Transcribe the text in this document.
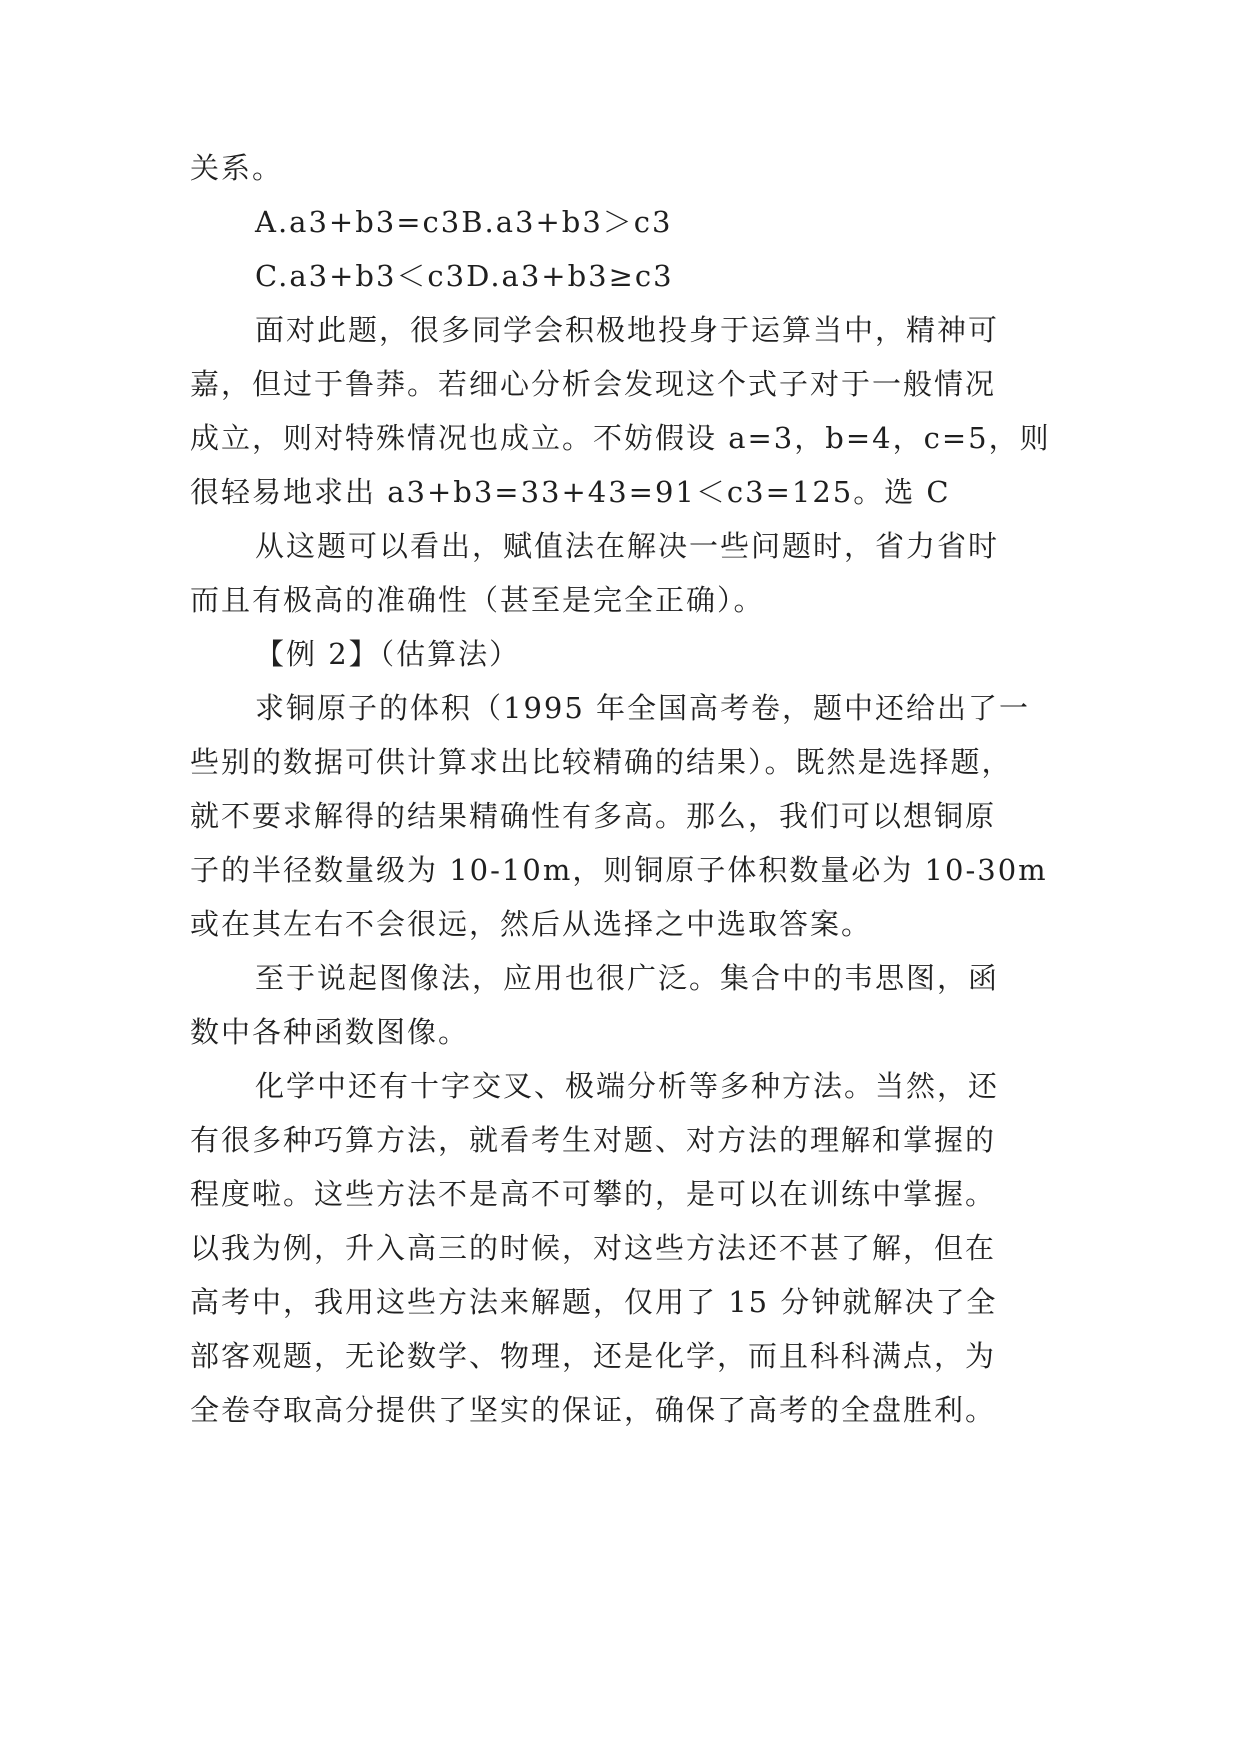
关系。

A.a3+b3=c3B.a3+b3＞c3

C.a3+b3＜c3D.a3+b3≥c3

面对此题，很多同学会积极地投身于运算当中，精神可

嘉，但过于鲁莽。若细心分析会发现这个式子对于一般情况

成立，则对特殊情况也成立。不妨假设 a=3，b=4，c=5，则

很轻易地求出 a3+b3=33+43=91＜c3=125。选 C

从这题可以看出，赋值法在解决一些问题时，省力省时

而且有极高的准确性（甚至是完全正确）。

【例 2】（估算法）

求铜原子的体积（1995 年全国高考卷，题中还给出了一

些别的数据可供计算求出比较精确的结果）。既然是选择题，

就不要求解得的结果精确性有多高。那么，我们可以想铜原

子的半径数量级为 10-10m，则铜原子体积数量必为 10-30m

或在其左右不会很远，然后从选择之中选取答案。

至于说起图像法，应用也很广泛。集合中的韦思图，函

数中各种函数图像。

化学中还有十字交叉、极端分析等多种方法。当然，还

有很多种巧算方法，就看考生对题、对方法的理解和掌握的

程度啦。这些方法不是高不可攀的，是可以在训练中掌握。

以我为例，升入高三的时候，对这些方法还不甚了解，但在

高考中，我用这些方法来解题，仅用了 15 分钟就解决了全

部客观题，无论数学、物理，还是化学，而且科科满点，为

全卷夺取高分提供了坚实的保证，确保了高考的全盘胜利。
